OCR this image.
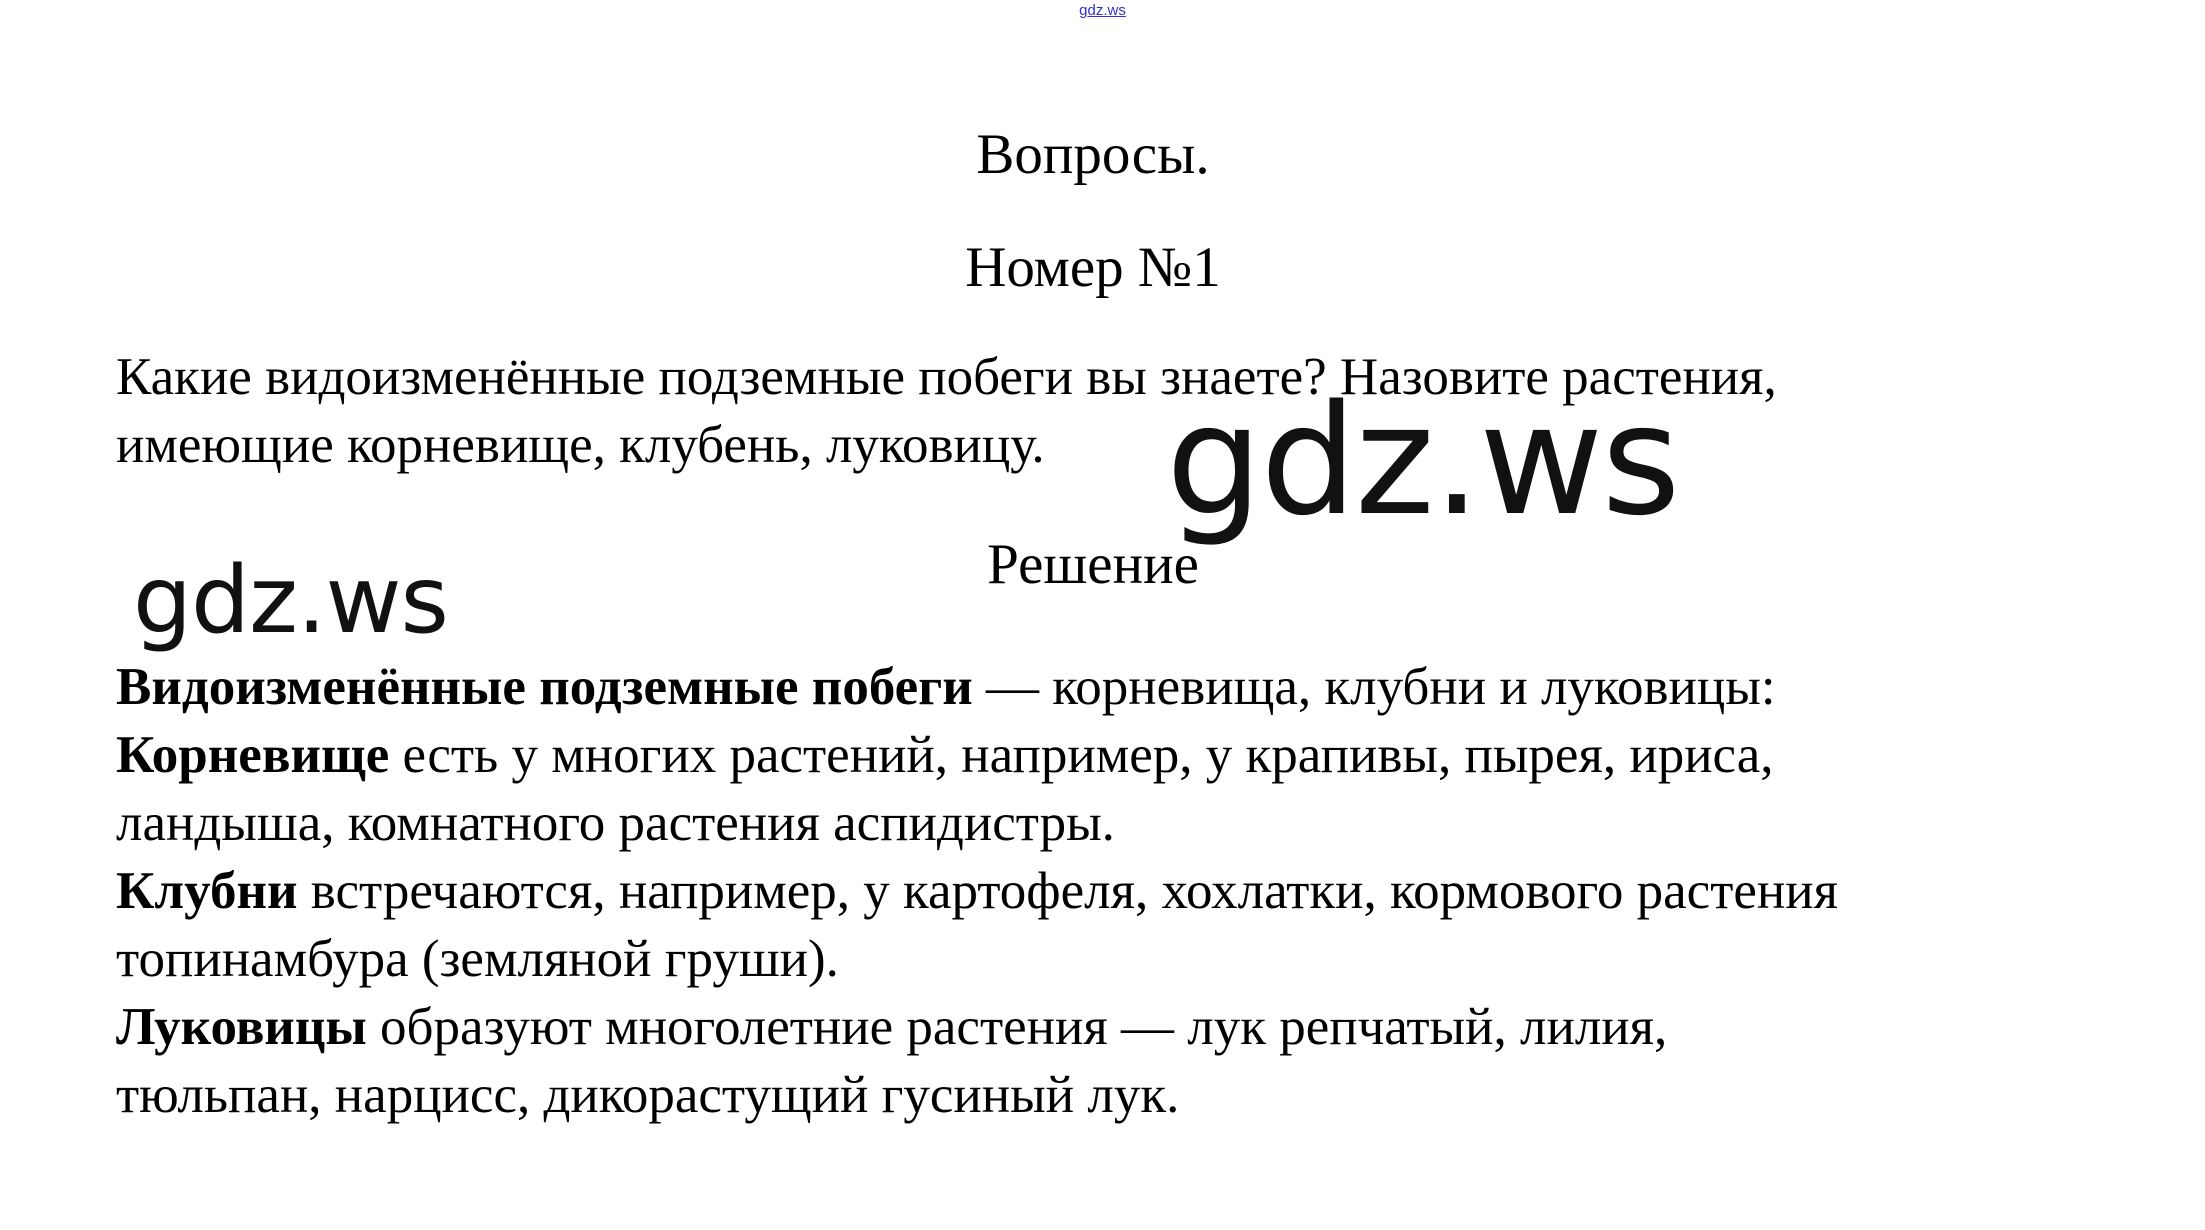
gdz.ws
Вопросы.
Номер №1
Какие видоизменённые подземные побеги вы знаете? Назовите растения,
имеющие корневище, клубень, луковицу.
Решение
Видоизменённые подземные побеги — корневища, клубни и луковицы:
Корневище есть у многих растений, например, у крапивы, пырея, ириса,
ландыша, комнатного растения аспидистры.
Клубни встречаются, например, у картофеля, хохлатки, кормового растения
топинамбура (земляной груши).
Луковицы образуют многолетние растения — лук репчатый, лилия,
тюльпан, нарцисс, дикорастущий гусиный лук.
gdz.ws
gdz.ws
